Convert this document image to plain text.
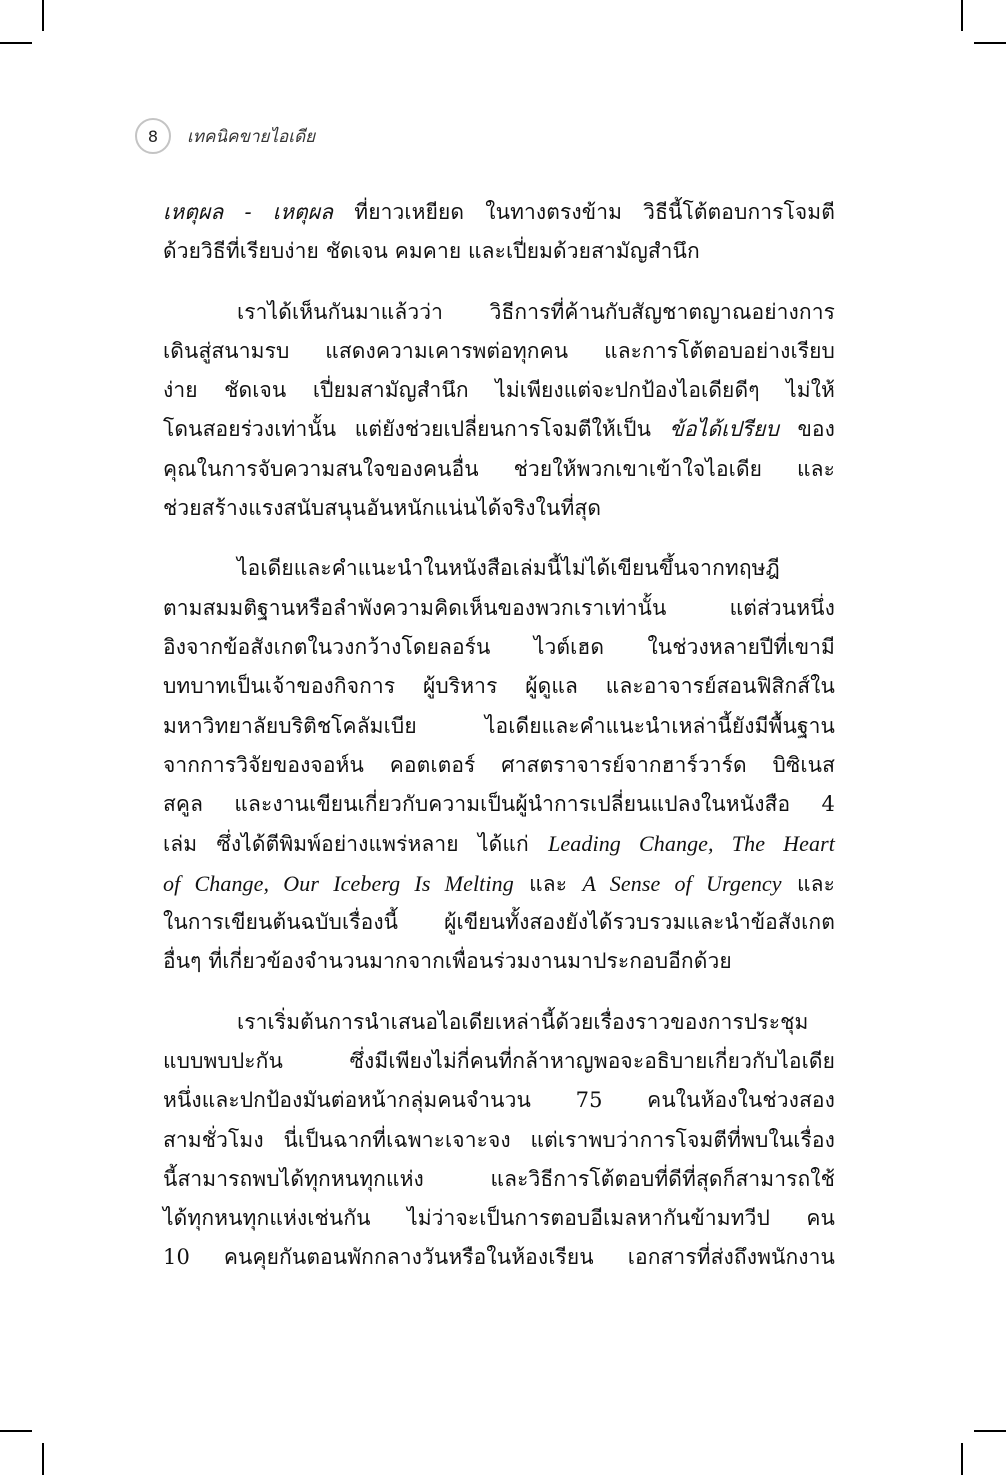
8 เทคนิคขายไอเดีย
เหตุผล - เหตุผล ที่ยาวเหยียด ในทางตรงข้าม วิธีนี้โต้ตอบการโจมตี
ด้วยวิธีที่เรียบง่าย ชัดเจน คมคาย และเปี่ยมด้วยสามัญสำนึก
เราได้เห็นกันมาแล้วว่า วิธีการที่ค้านกับสัญชาตญาณอย่างการ
เดินสู่สนามรบ แสดงความเคารพต่อทุกคน และการโต้ตอบอย่างเรียบ
ง่าย ชัดเจน เปี่ยมสามัญสำนึก ไม่เพียงแต่จะปกป้องไอเดียดีๆ ไม่ให้
โดนสอยร่วงเท่านั้น แต่ยังช่วยเปลี่ยนการโจมตีให้เป็น ข้อได้เปรียบ ของ
คุณในการจับความสนใจของคนอื่น ช่วยให้พวกเขาเข้าใจไอเดีย และ
ช่วยสร้างแรงสนับสนุนอันหนักแน่นได้จริงในที่สุด
ไอเดียและคำแนะนำในหนังสือเล่มนี้ไม่ได้เขียนขึ้นจากทฤษฎี
ตามสมมติฐานหรือลำพังความคิดเห็นของพวกเราเท่านั้น แต่ส่วนหนึ่ง
อิงจากข้อสังเกตในวงกว้างโดยลอร์น ไวต์เฮด ในช่วงหลายปีที่เขามี
บทบาทเป็นเจ้าของกิจการ ผู้บริหาร ผู้ดูแล และอาจารย์สอนฟิสิกส์ใน
มหาวิทยาลัยบริติชโคลัมเบีย ไอเดียและคำแนะนำเหล่านี้ยังมีพื้นฐาน
จากการวิจัยของจอห์น คอตเตอร์ ศาสตราจารย์จากฮาร์วาร์ด บิซิเนส
สคูล และงานเขียนเกี่ยวกับความเป็นผู้นำการเปลี่ยนแปลงในหนังสือ 4
เล่ม ซึ่งได้ตีพิมพ์อย่างแพร่หลาย ได้แก่ Leading Change, The Heart
of Change, Our Iceberg Is Melting และ A Sense of Urgency และ
ในการเขียนต้นฉบับเรื่องนี้ ผู้เขียนทั้งสองยังได้รวบรวมและนำข้อสังเกต
อื่นๆ ที่เกี่ยวข้องจำนวนมากจากเพื่อนร่วมงานมาประกอบอีกด้วย
เราเริ่มต้นการนำเสนอไอเดียเหล่านี้ด้วยเรื่องราวของการประชุม
แบบพบปะกัน ซึ่งมีเพียงไม่กี่คนที่กล้าหาญพอจะอธิบายเกี่ยวกับไอเดีย
หนึ่งและปกป้องมันต่อหน้ากลุ่มคนจำนวน 75 คนในห้องในช่วงสอง
สามชั่วโมง นี่เป็นฉากที่เฉพาะเจาะจง แต่เราพบว่าการโจมตีที่พบในเรื่อง
นี้สามารถพบได้ทุกหนทุกแห่ง และวิธีการโต้ตอบที่ดีที่สุดก็สามารถใช้
ได้ทุกหนทุกแห่งเช่นกัน ไม่ว่าจะเป็นการตอบอีเมลหากันข้ามทวีป คน
10 คนคุยกันตอนพักกลางวันหรือในห้องเรียน เอกสารที่ส่งถึงพนักงาน
